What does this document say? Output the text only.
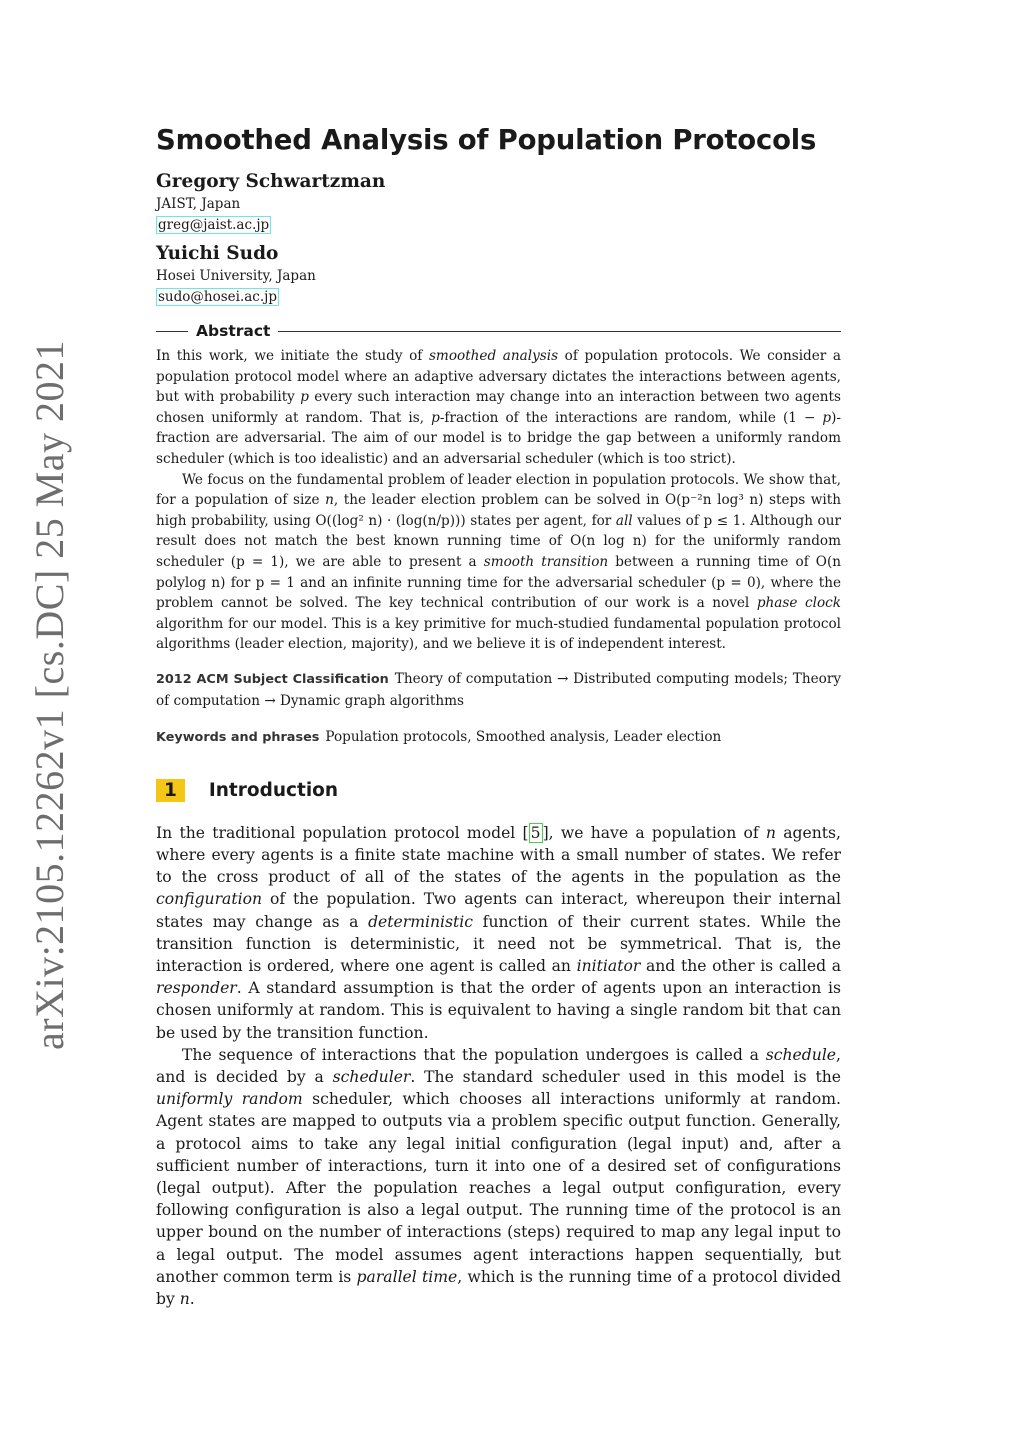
arXiv:2105.12262v1 [cs.DC] 25 May 2021
Smoothed Analysis of Population Protocols

Gregory Schwartzman

JAIST, Japan
greg@jaist.ac.jp

Yuichi Sudo

Hosei University, Japan
sudo@hosei.ac.jp
Abstract

In this work, we initiate the study of smoothed analysis of population protocols. We consider a population protocol model where an adaptive adversary dictates the interactions between agents, but with probability p every such interaction may change into an interaction between two agents chosen uniformly at random. That is, p-fraction of the interactions are random, while (1 − p)-fraction are adversarial. The aim of our model is to bridge the gap between a uniformly random scheduler (which is too idealistic) and an adversarial scheduler (which is too strict).

We focus on the fundamental problem of leader election in population protocols. We show that, for a population of size n, the leader election problem can be solved in O(p⁻²n log³ n) steps with high probability, using O((log² n) · (log(n/p))) states per agent, for all values of p ≤ 1. Although our result does not match the best known running time of O(n log n) for the uniformly random scheduler (p = 1), we are able to present a smooth transition between a running time of O(n polylog n) for p = 1 and an infinite running time for the adversarial scheduler (p = 0), where the problem cannot be solved. The key technical contribution of our work is a novel phase clock algorithm for our model. This is a key primitive for much-studied fundamental population protocol algorithms (leader election, majority), and we believe it is of independent interest.

2012 ACM Subject Classification Theory of computation → Distributed computing models; Theory of computation → Dynamic graph algorithms

Keywords and phrases Population protocols, Smoothed analysis, Leader election

1	Introduction

In the traditional population protocol model [ 5 ], we have a population of n agents, where every agents is a finite state machine with a small number of states. We refer to the cross product of all of the states of the agents in the population as the configuration of the population. Two agents can interact, whereupon their internal states may change as a deterministic function of their current states. While the transition function is deterministic, it need not be symmetrical. That is, the interaction is ordered, where one agent is called an initiator and the other is called a responder. A standard assumption is that the order of agents upon an interaction is chosen uniformly at random. This is equivalent to having a single random bit that can be used by the transition function.

The sequence of interactions that the population undergoes is called a schedule, and is decided by a scheduler. The standard scheduler used in this model is the uniformly random scheduler, which chooses all interactions uniformly at random. Agent states are mapped to outputs via a problem specific output function. Generally, a protocol aims to take any legal initial configuration (legal input) and, after a sufficient number of interactions, turn it into one of a desired set of configurations (legal output). After the population reaches a legal output configuration, every following configuration is also a legal output. The running time of the protocol is an upper bound on the number of interactions (steps) required to map any legal input to a legal output. The model assumes agent interactions happen sequentially, but another common term is parallel time, which is the running time of a protocol divided by n.
